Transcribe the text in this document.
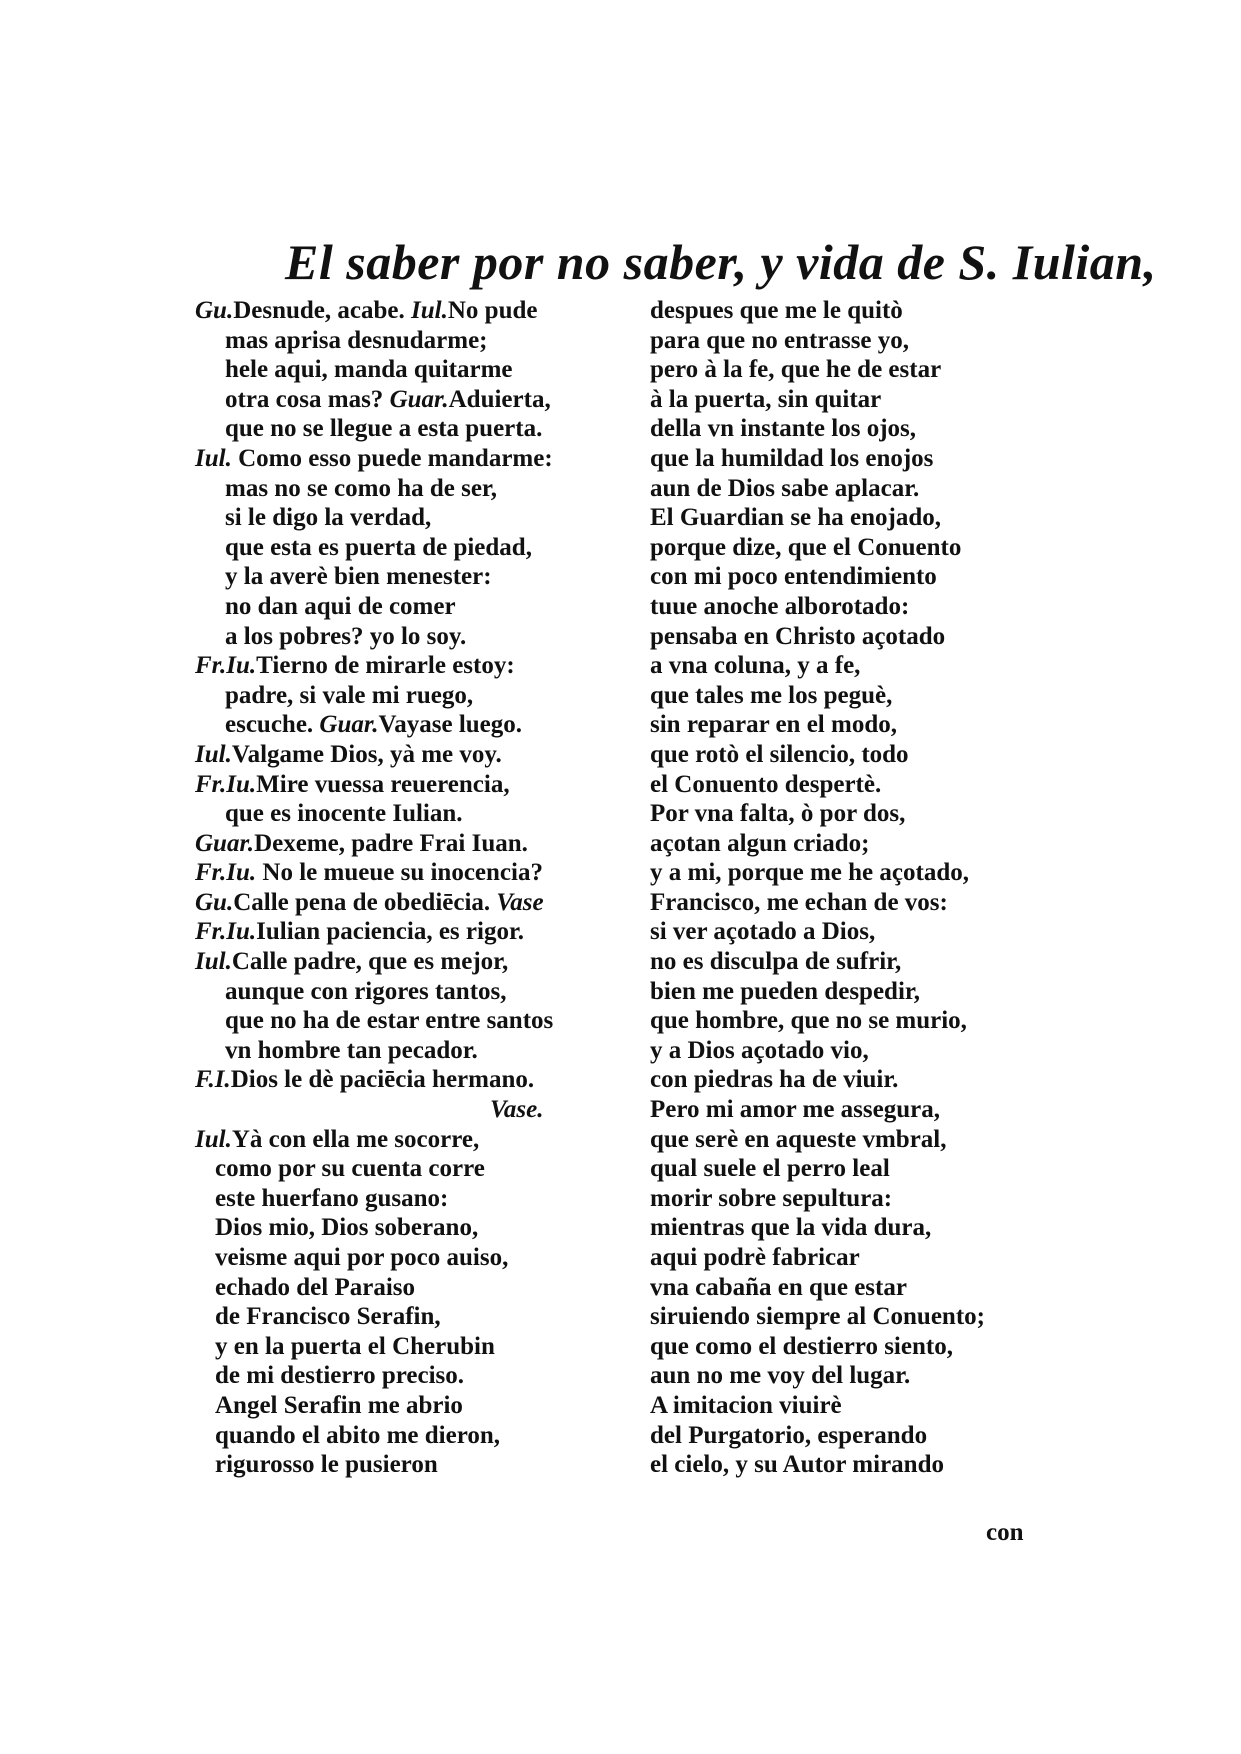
El saber por no saber, y vida de S. Iulian,
Gu.Desnude, acabe. Iul.No pude
mas aprisa desnudarme;
hele aqui, manda quitarme
otra cosa mas? Guar.Aduierta,
que no se llegue a esta puerta.
Iul. Como esso puede mandarme:
mas no se como ha de ser,
si le digo la verdad,
que esta es puerta de piedad,
y la averè bien menester:
no dan aqui de comer
a los pobres? yo lo soy.
Fr.Iu.Tierno de mirarle estoy:
padre, si vale mi ruego,
escuche. Guar.Vayase luego.
Iul.Valgame Dios, yà me voy.
Fr.Iu.Mire vuessa reuerencia,
que es inocente Iulian.
Guar.Dexeme, padre Frai Iuan.
Fr.Iu. No le mueue su inocencia?
Gu.Calle pena de obediēcia. Vase
Fr.Iu.Iulian paciencia, es rigor.
Iul.Calle padre, que es mejor,
aunque con rigores tantos,
que no ha de estar entre santos
vn hombre tan pecador.
F.I.Dios le dè paciēcia hermano.
Vase.
Iul.Yà con ella me socorre,
como por su cuenta corre
este huerfano gusano:
Dios mio, Dios soberano,
veisme aqui por poco auiso,
echado del Paraiso
de Francisco Serafin,
y en la puerta el Cherubin
de mi destierro preciso.
Angel Serafin me abrio
quando el abito me dieron,
rigurosso le pusieron
despues que me le quitò
para que no entrasse yo,
pero à la fe, que he de estar
à la puerta, sin quitar
della vn instante los ojos,
que la humildad los enojos
aun de Dios sabe aplacar.
El Guardian se ha enojado,
porque dize, que el Conuento
con mi poco entendimiento
tuue anoche alborotado:
pensaba en Christo açotado
a vna coluna, y a fe,
que tales me los peguè,
sin reparar en el modo,
que rotò el silencio, todo
el Conuento despertè.
Por vna falta, ò por dos,
açotan algun criado;
y a mi, porque me he açotado,
Francisco, me echan de vos:
si ver açotado a Dios,
no es disculpa de sufrir,
bien me pueden despedir,
que hombre, que no se murio,
y a Dios açotado vio,
con piedras ha de viuir.
Pero mi amor me assegura,
que serè en aqueste vmbral,
qual suele el perro leal
morir sobre sepultura:
mientras que la vida dura,
aqui podrè fabricar
vna cabaña en que estar
siruiendo siempre al Conuento;
que como el destierro siento,
aun no me voy del lugar.
A imitacion viuirè
del Purgatorio, esperando
el cielo, y su Autor mirando
con
